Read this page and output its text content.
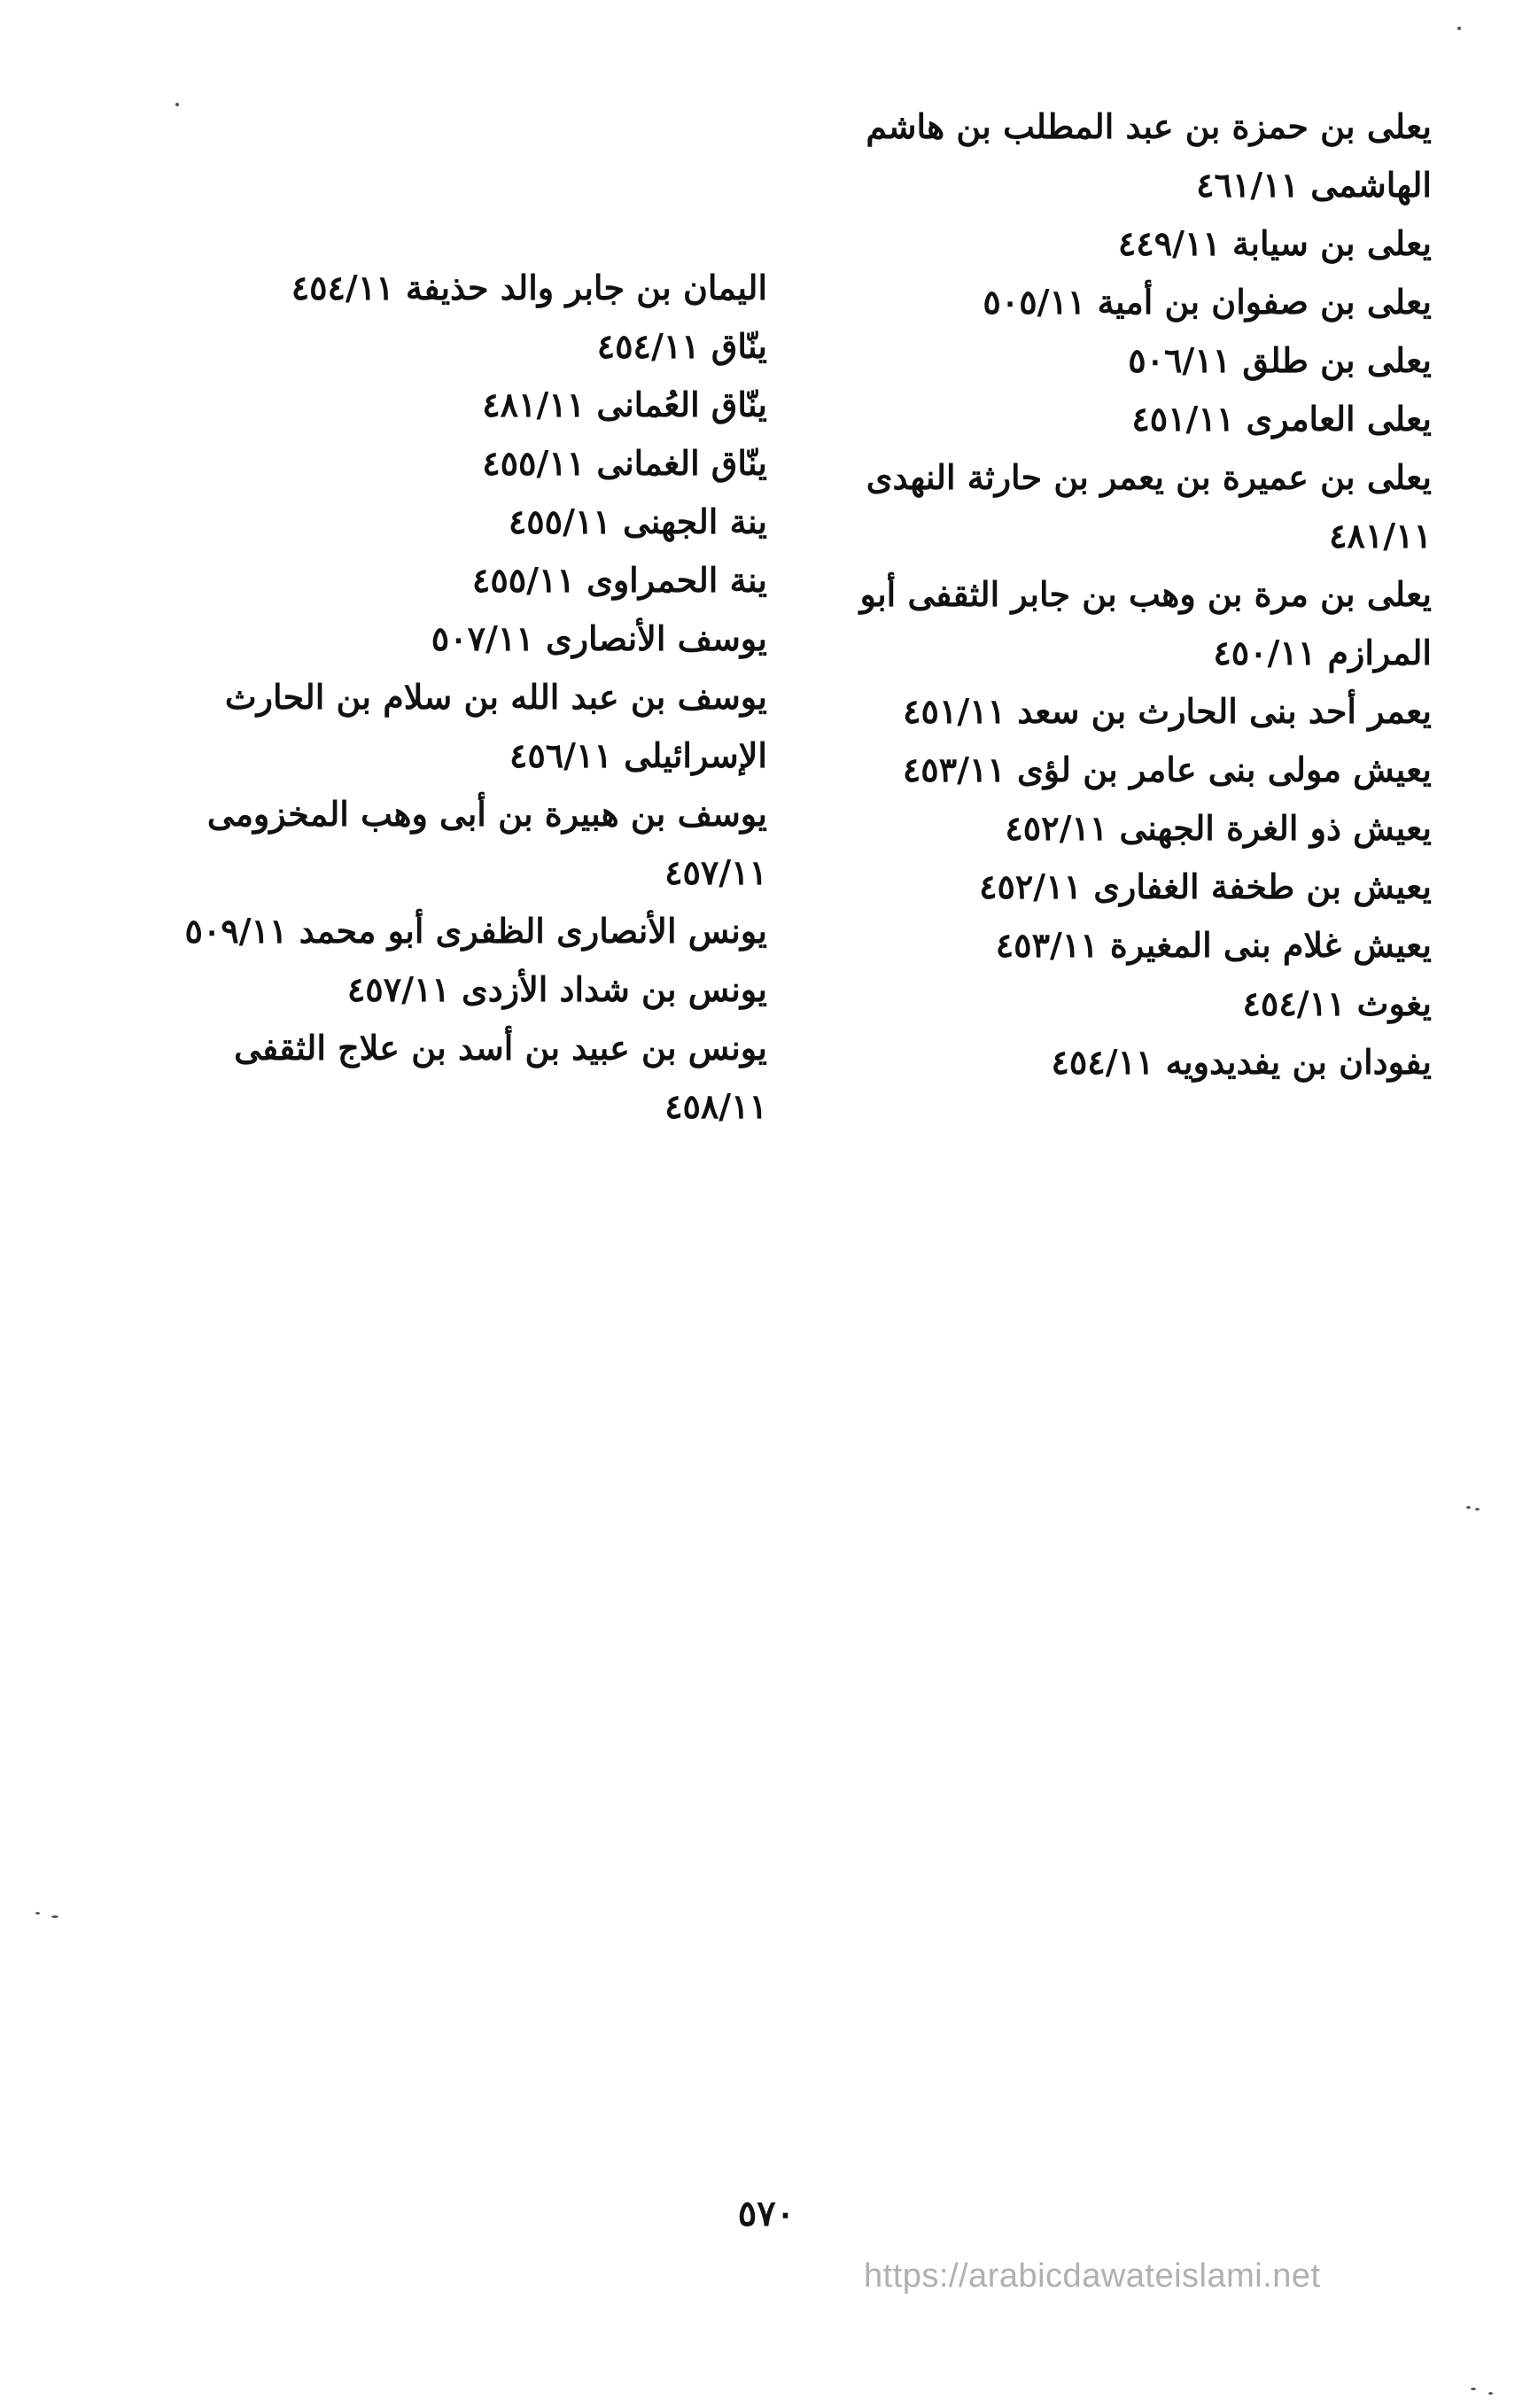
يعلى بن حمزة بن عبد المطلب بن هاشم الهاشمى ٤٦١/١١

يعلى بن سيابة ٤٤٩/١١

يعلى بن صفوان بن أمية ٥٠٥/١١

يعلى بن طلق ٥٠٦/١١

يعلى العامرى ٤٥١/١١

يعلى بن عميرة بن يعمر بن حارثة النهدى ٤٨١/١١

يعلى بن مرة بن وهب بن جابر الثقفى أبو المرازم ٤٥٠/١١

يعمر أحد بنى الحارث بن سعد ٤٥١/١١

يعيش مولى بنى عامر بن لؤى ٤٥٣/١١

يعيش ذو الغرة الجهنى ٤٥٢/١١

يعيش بن طخفة الغفارى ٤٥٢/١١

يعيش غلام بنى المغيرة ٤٥٣/١١

يغوث ٤٥٤/١١

يفودان بن يفديدويه ٤٥٤/١١

اليمان بن جابر والد حذيفة ٤٥٤/١١

ينّاق ٤٥٤/١١

ينّاق العُمانى ٤٨١/١١

ينّاق الغمانى ٤٥٥/١١

ينة الجهنى ٤٥٥/١١

ينة الحمراوى ٤٥٥/١١

يوسف الأنصارى ٥٠٧/١١

يوسف بن عبد الله بن سلام بن الحارث الإسرائيلى ٤٥٦/١١

يوسف بن هبيرة بن أبى وهب المخزومى ٤٥٧/١١

يونس الأنصارى الظفرى أبو محمد ٥٠٩/١١

يونس بن شداد الأزدى ٤٥٧/١١

يونس بن عبيد بن أسد بن علاج الثقفى ٤٥٨/١١

٥٧٠
https://arabicdawateislami.net
